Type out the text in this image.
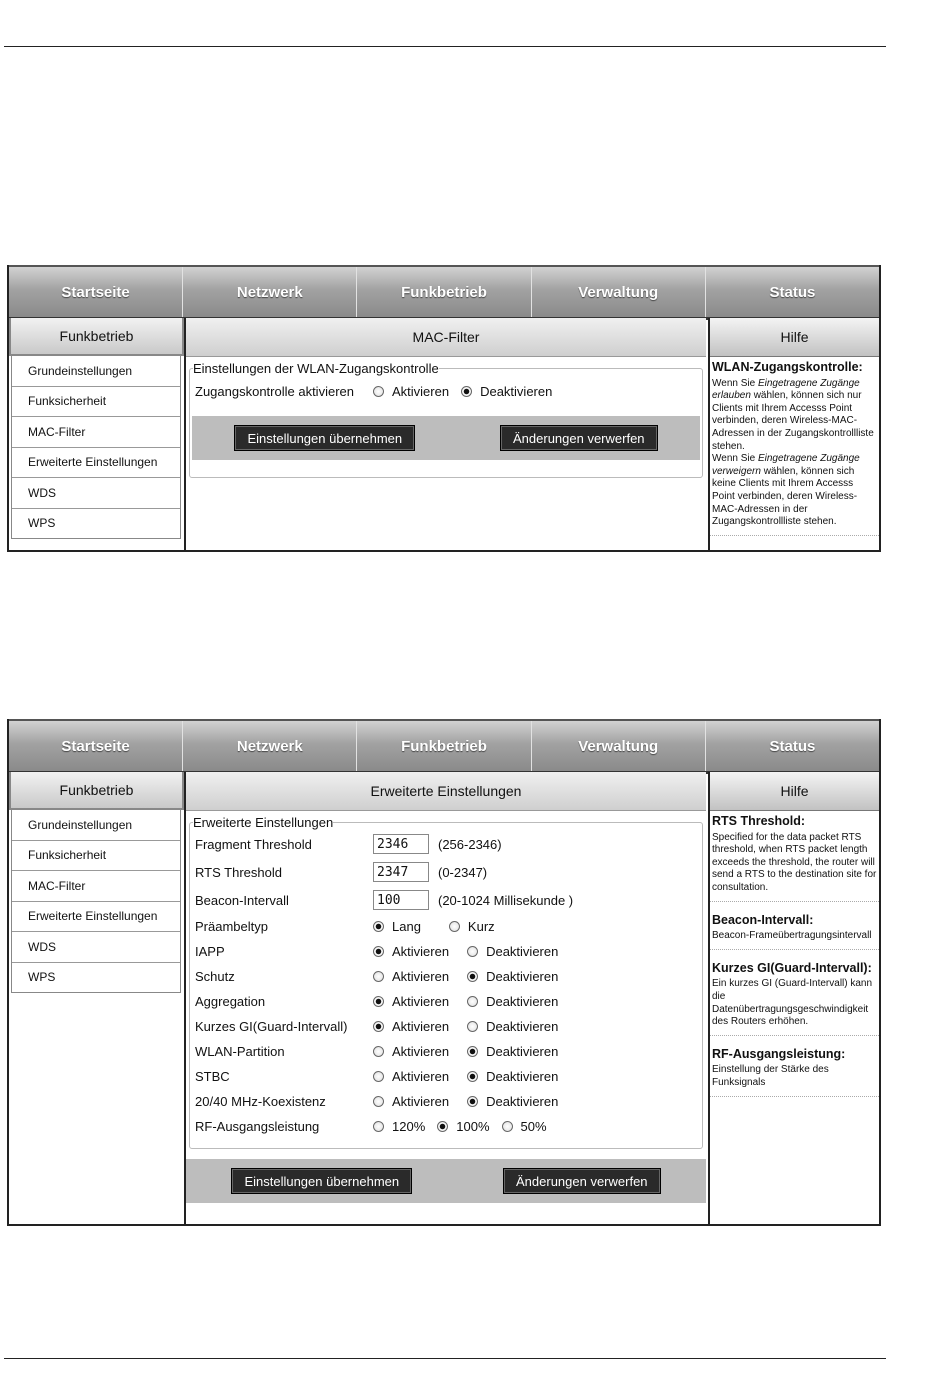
Startseite	Netzwerk	Funkbetrieb	Verwaltung	Status
Funkbetrieb
Grundeinstellungen
Funksicherheit
MAC-Filter
Erweiterte Einstellungen
WDS
WPS
MAC-Filter
Einstellungen der WLAN-Zugangskontrolle
Zugangskontrolle aktivieren	Aktivieren Deaktivieren
Einstellungen übernehmen	Änderungen verwerfen
Hilfe
WLAN-Zugangskontrolle:

Wenn Sie Eingetragene Zugänge erlauben wählen, können sich nur Clients mit Ihrem Accesss Point verbinden, deren Wireless-MAC-Adressen in der Zugangskontrollliste stehen.

Wenn Sie Eingetragene Zugänge verweigern wählen, können sich keine Clients mit Ihrem Accesss Point verbinden, deren Wireless-MAC-Adressen in der Zugangskontrollliste stehen.

Startseite	Netzwerk	Funkbetrieb	Verwaltung	Status
Funkbetrieb
Grundeinstellungen
Funksicherheit
MAC-Filter
Erweiterte Einstellungen
WDS
WPS
Erweiterte Einstellungen
Erweiterte Einstellungen
Fragment Threshold	2346	(256-2346)
RTS Threshold	2347	(0-2347)
Beacon-Intervall	100	(20-1024 Millisekunde )
Präambeltyp	Lang	Kurz
IAPP	Aktivieren	Deaktivieren
Schutz	Aktivieren	Deaktivieren
Aggregation	Aktivieren	Deaktivieren
Kurzes GI(Guard-Intervall)	Aktivieren	Deaktivieren
WLAN-Partition	Aktivieren	Deaktivieren
STBC	Aktivieren	Deaktivieren
20/40 MHz-Koexistenz	Aktivieren	Deaktivieren
RF-Ausgangsleistung	120% 100% 50%
Einstellungen übernehmen	Änderungen verwerfen
Hilfe
RTS Threshold:

Specified for the data packet RTS threshold, when RTS packet length exceeds the threshold, the router will send a RTS to the destination site for consultation.

Beacon-Intervall:

Beacon-Frameübertragungsintervall

Kurzes GI(Guard-Intervall):

Ein kurzes GI (Guard-Intervall) kann die Datenübertragungsgeschwindigkeit des Routers erhöhen.

RF-Ausgangsleistung:

Einstellung der Stärke des Funksignals
